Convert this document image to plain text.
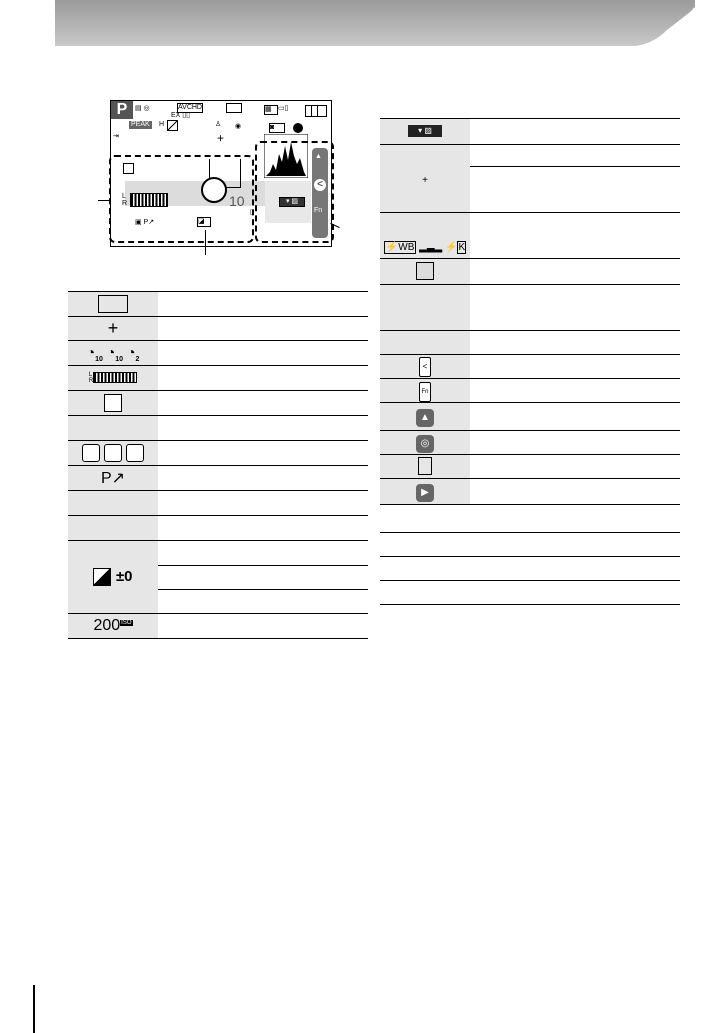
P	▤ ◎	AVCHD
EX ▯▯
▦ ▭▯
PEAK H	♙ ◉	◙
⇥
▲
<
Fn
L
R
+
10	▾ ▨
▣ P↗	◪
▯

+	
$◔_{10}$ $◔_{10}$ $◔_2$	
L
R	

P↗	

±0	

$200^{ISO}$	
▾ ▨	
+	

⚡WB ▂▃▂ ⚡K	

<	
Fn	
▲	
◎	

▶	
